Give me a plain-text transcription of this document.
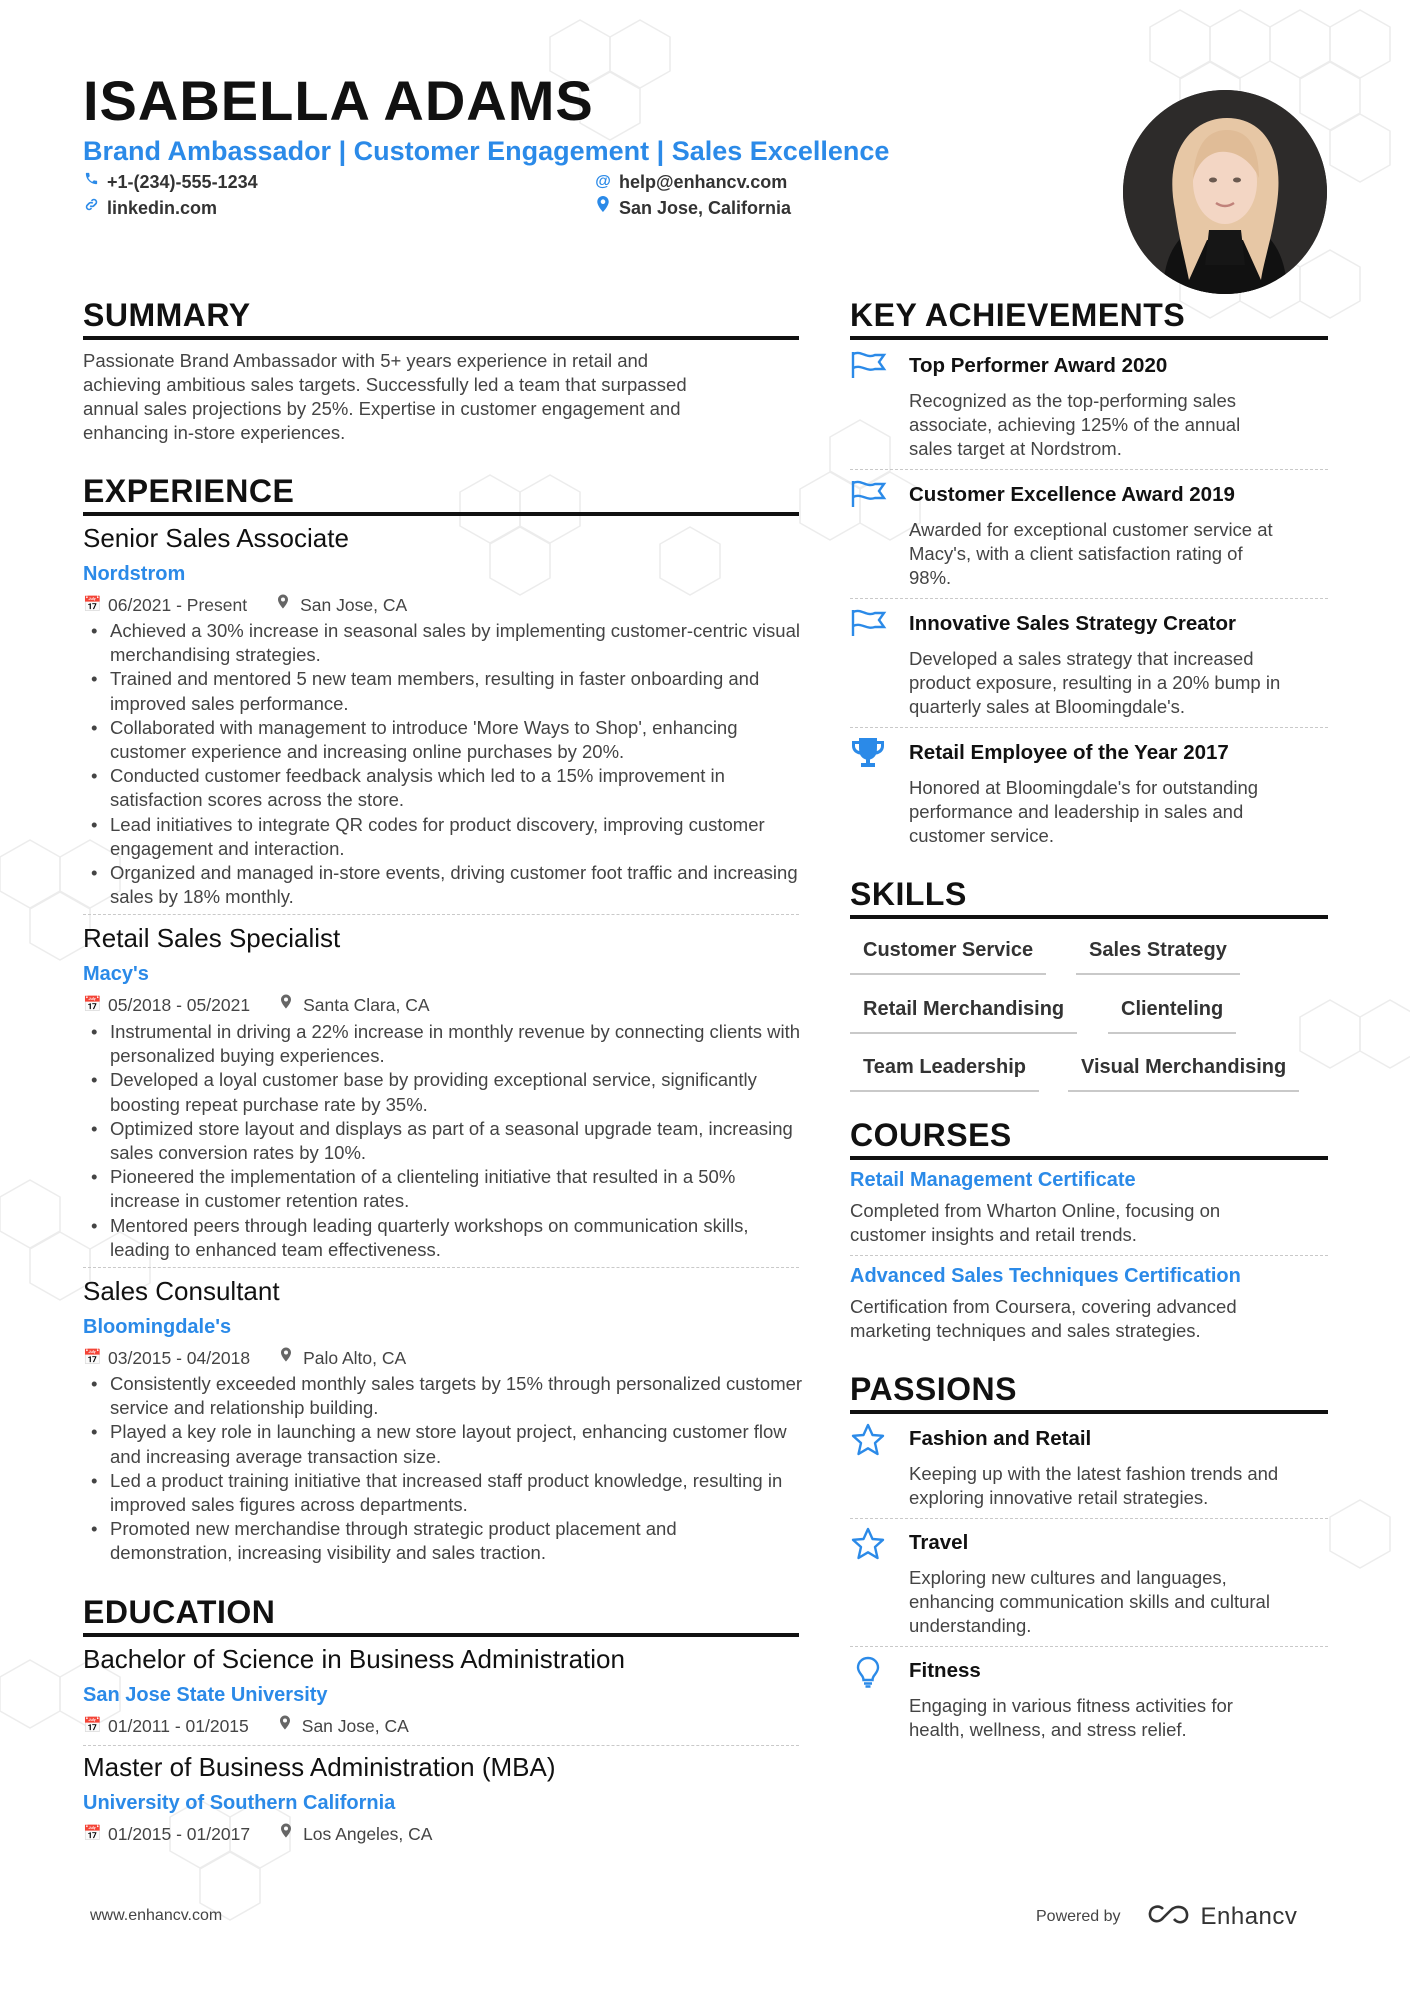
ISABELLA ADAMS
Brand Ambassador | Customer Engagement | Sales Excellence
+1-(234)-555-1234	@ help@enhancv.com
linkedin.com	San Jose, California
SUMMARY
Passionate Brand Ambassador with 5+ years experience in retail and
achieving ambitious sales targets. Successfully led a team that surpassed
annual sales projections by 25%. Expertise in customer engagement and
enhancing in-store experiences.
EXPERIENCE
Senior Sales Associate
Nordstrom
📅 06/2021 - Present	San Jose, CA
• Achieved a 30% increase in seasonal sales by implementing customer-centric visual merchandising strategies.
• Trained and mentored 5 new team members, resulting in faster onboarding and improved sales performance.
• Collaborated with management to introduce 'More Ways to Shop', enhancing customer experience and increasing online purchases by 20%.
• Conducted customer feedback analysis which led to a 15% improvement in satisfaction scores across the store.
• Lead initiatives to integrate QR codes for product discovery, improving customer engagement and interaction.
• Organized and managed in-store events, driving customer foot traffic and increasing sales by 18% monthly.
Retail Sales Specialist
Macy's
📅 05/2018 - 05/2021	Santa Clara, CA
• Instrumental in driving a 22% increase in monthly revenue by connecting clients with personalized buying experiences.
• Developed a loyal customer base by providing exceptional service, significantly boosting repeat purchase rate by 35%.
• Optimized store layout and displays as part of a seasonal upgrade team, increasing sales conversion rates by 10%.
• Pioneered the implementation of a clienteling initiative that resulted in a 50% increase in customer retention rates.
• Mentored peers through leading quarterly workshops on communication skills, leading to enhanced team effectiveness.
Sales Consultant
Bloomingdale's
📅 03/2015 - 04/2018	Palo Alto, CA
• Consistently exceeded monthly sales targets by 15% through personalized customer service and relationship building.
• Played a key role in launching a new store layout project, enhancing customer flow and increasing average transaction size.
• Led a product training initiative that increased staff product knowledge, resulting in improved sales figures across departments.
• Promoted new merchandise through strategic product placement and demonstration, increasing visibility and sales traction.
EDUCATION
Bachelor of Science in Business Administration
San Jose State University
📅 01/2011 - 01/2015	San Jose, CA
Master of Business Administration (MBA)
University of Southern California
📅 01/2015 - 01/2017	Los Angeles, CA
KEY ACHIEVEMENTS
Top Performer Award 2020
Recognized as the top-performing sales
associate, achieving 125% of the annual
sales target at Nordstrom.
Customer Excellence Award 2019
Awarded for exceptional customer service at
Macy's, with a client satisfaction rating of
98%.
Innovative Sales Strategy Creator
Developed a sales strategy that increased
product exposure, resulting in a 20% bump in
quarterly sales at Bloomingdale's.
Retail Employee of the Year 2017
Honored at Bloomingdale's for outstanding
performance and leadership in sales and
customer service.
SKILLS
Customer Service	Sales Strategy
Retail Merchandising	Clienteling
Team Leadership	Visual Merchandising
COURSES
Retail Management Certificate
Completed from Wharton Online, focusing on
customer insights and retail trends.
Advanced Sales Techniques Certification
Certification from Coursera, covering advanced
marketing techniques and sales strategies.
PASSIONS
Fashion and Retail
Keeping up with the latest fashion trends and
exploring innovative retail strategies.
Travel
Exploring new cultures and languages,
enhancing communication skills and cultural
understanding.
Fitness
Engaging in various fitness activities for
health, wellness, and stress relief.
www.enhancv.com	Powered by	Enhancv
